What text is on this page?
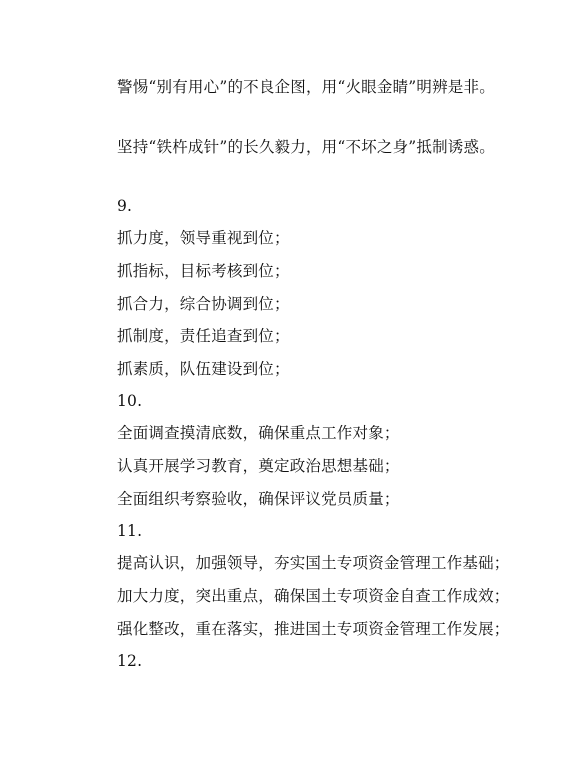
警惕“别有用心”的不良企图，用“火眼金睛”明辨是非。
坚持“铁杵成针”的长久毅力，用“不坏之身”抵制诱惑。
9.
抓力度，领导重视到位；
抓指标，目标考核到位；
抓合力，综合协调到位；
抓制度，责任追查到位；
抓素质，队伍建设到位；
10.
全面调查摸清底数，确保重点工作对象；
认真开展学习教育，奠定政治思想基础；
全面组织考察验收，确保评议党员质量；
11.
提高认识，加强领导，夯实国土专项资金管理工作基础；
加大力度，突出重点，确保国土专项资金自查工作成效；
强化整改，重在落实，推进国土专项资金管理工作发展；
12.
